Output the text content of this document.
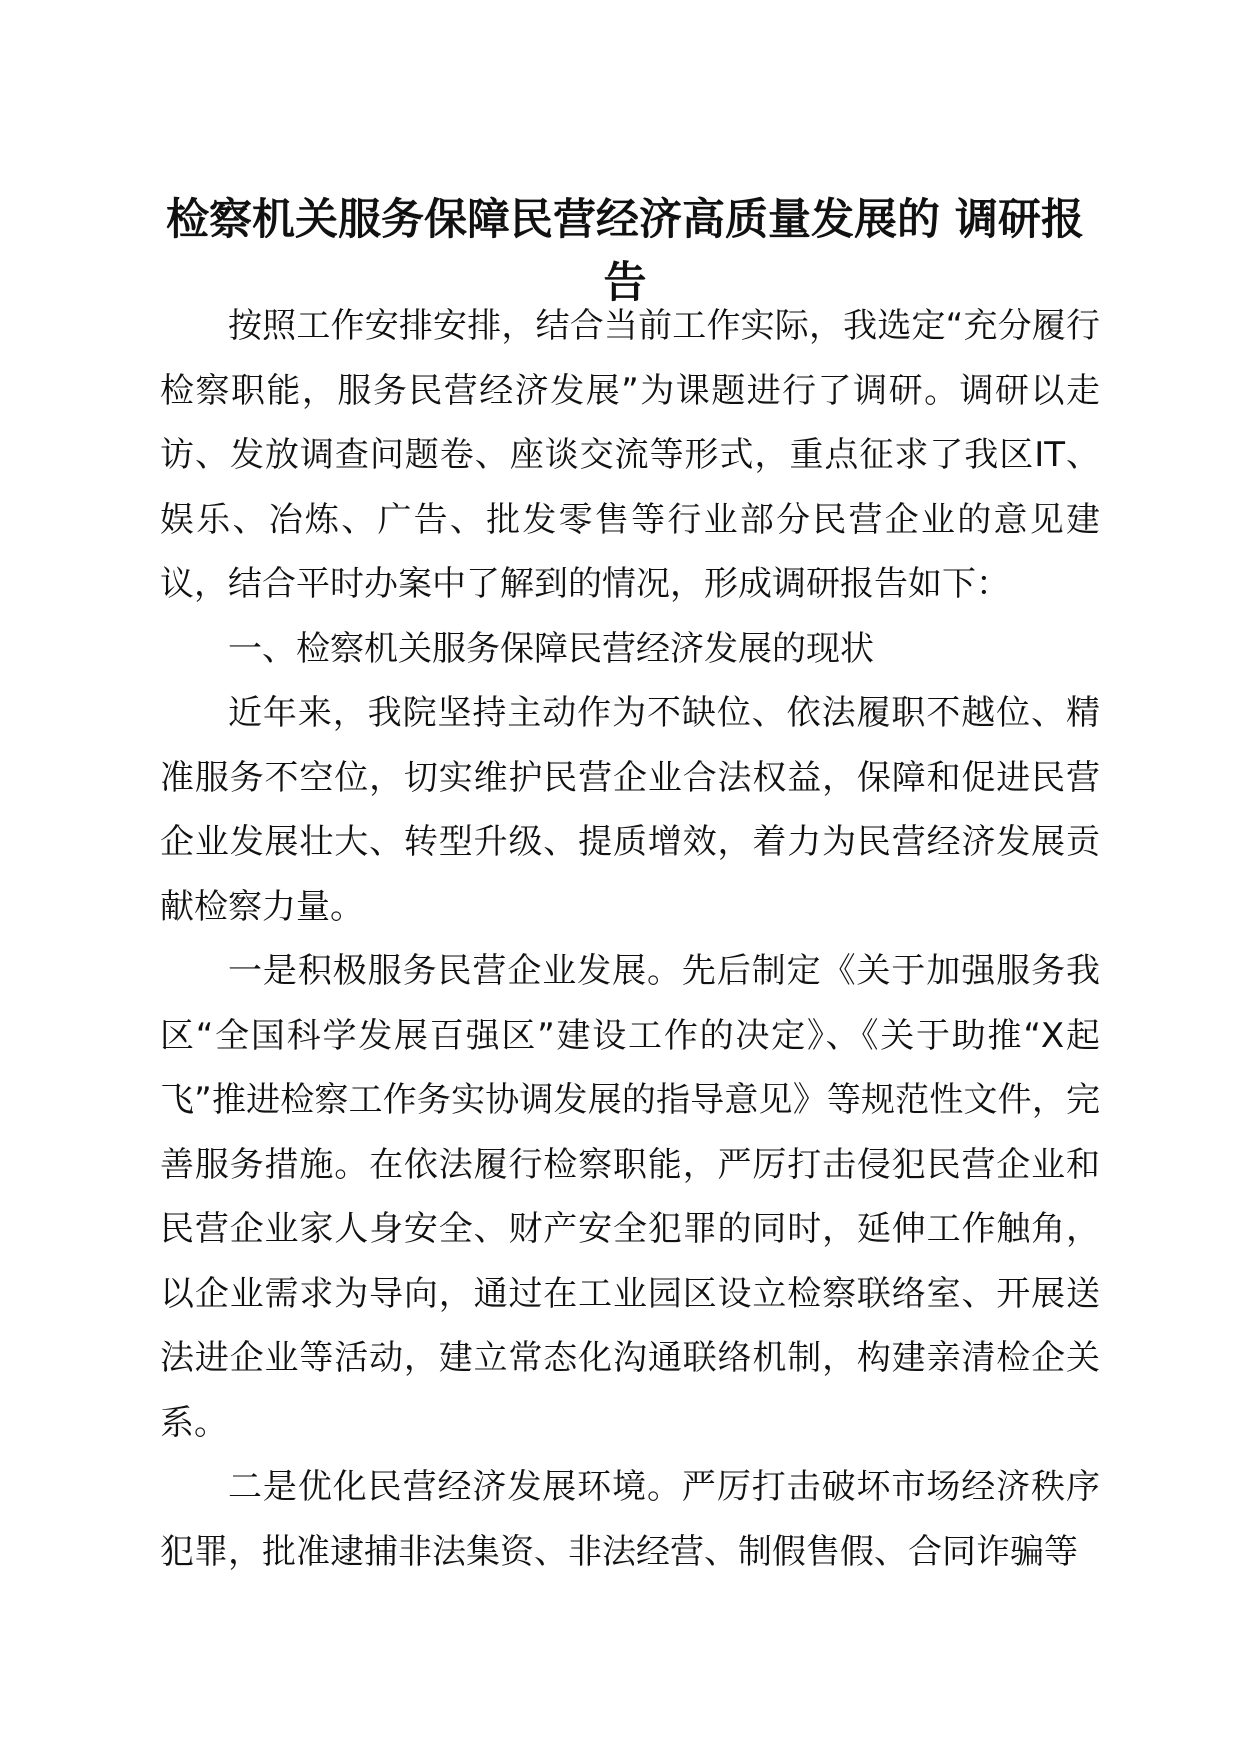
检察机关服务保障民营经济高质量发展的 调研报告

按照工作安排安排，结合当前工作实际，我选定“充分履行检察职能，服务民营经济发展”为课题进行了调研。调研以走访、发放调查问题卷、座谈交流等形式，重点征求了我区IT、娱乐、冶炼、广告、批发零售等行业部分民营企业的意见建议，结合平时办案中了解到的情况，形成调研报告如下：

一、检察机关服务保障民营经济发展的现状

近年来，我院坚持主动作为不缺位、依法履职不越位、精准服务不空位，切实维护民营企业合法权益，保障和促进民营企业发展壮大、转型升级、提质增效，着力为民营经济发展贡献检察力量。

一是积极服务民营企业发展。先后制定《关于加强服务我区“全国科学发展百强区”建设工作的决定》、《关于助推“X起飞”推进检察工作务实协调发展的指导意见》等规范性文件，完善服务措施。在依法履行检察职能，严厉打击侵犯民营企业和民营企业家人身安全、财产安全犯罪的同时，延伸工作触角，以企业需求为导向，通过在工业园区设立检察联络室、开展送法进企业等活动，建立常态化沟通联络机制，构建亲清检企关系。

二是优化民营经济发展环境。严厉打击破坏市场经济秩序犯罪，批准逮捕非法集资、非法经营、制假售假、合同诈骗等
